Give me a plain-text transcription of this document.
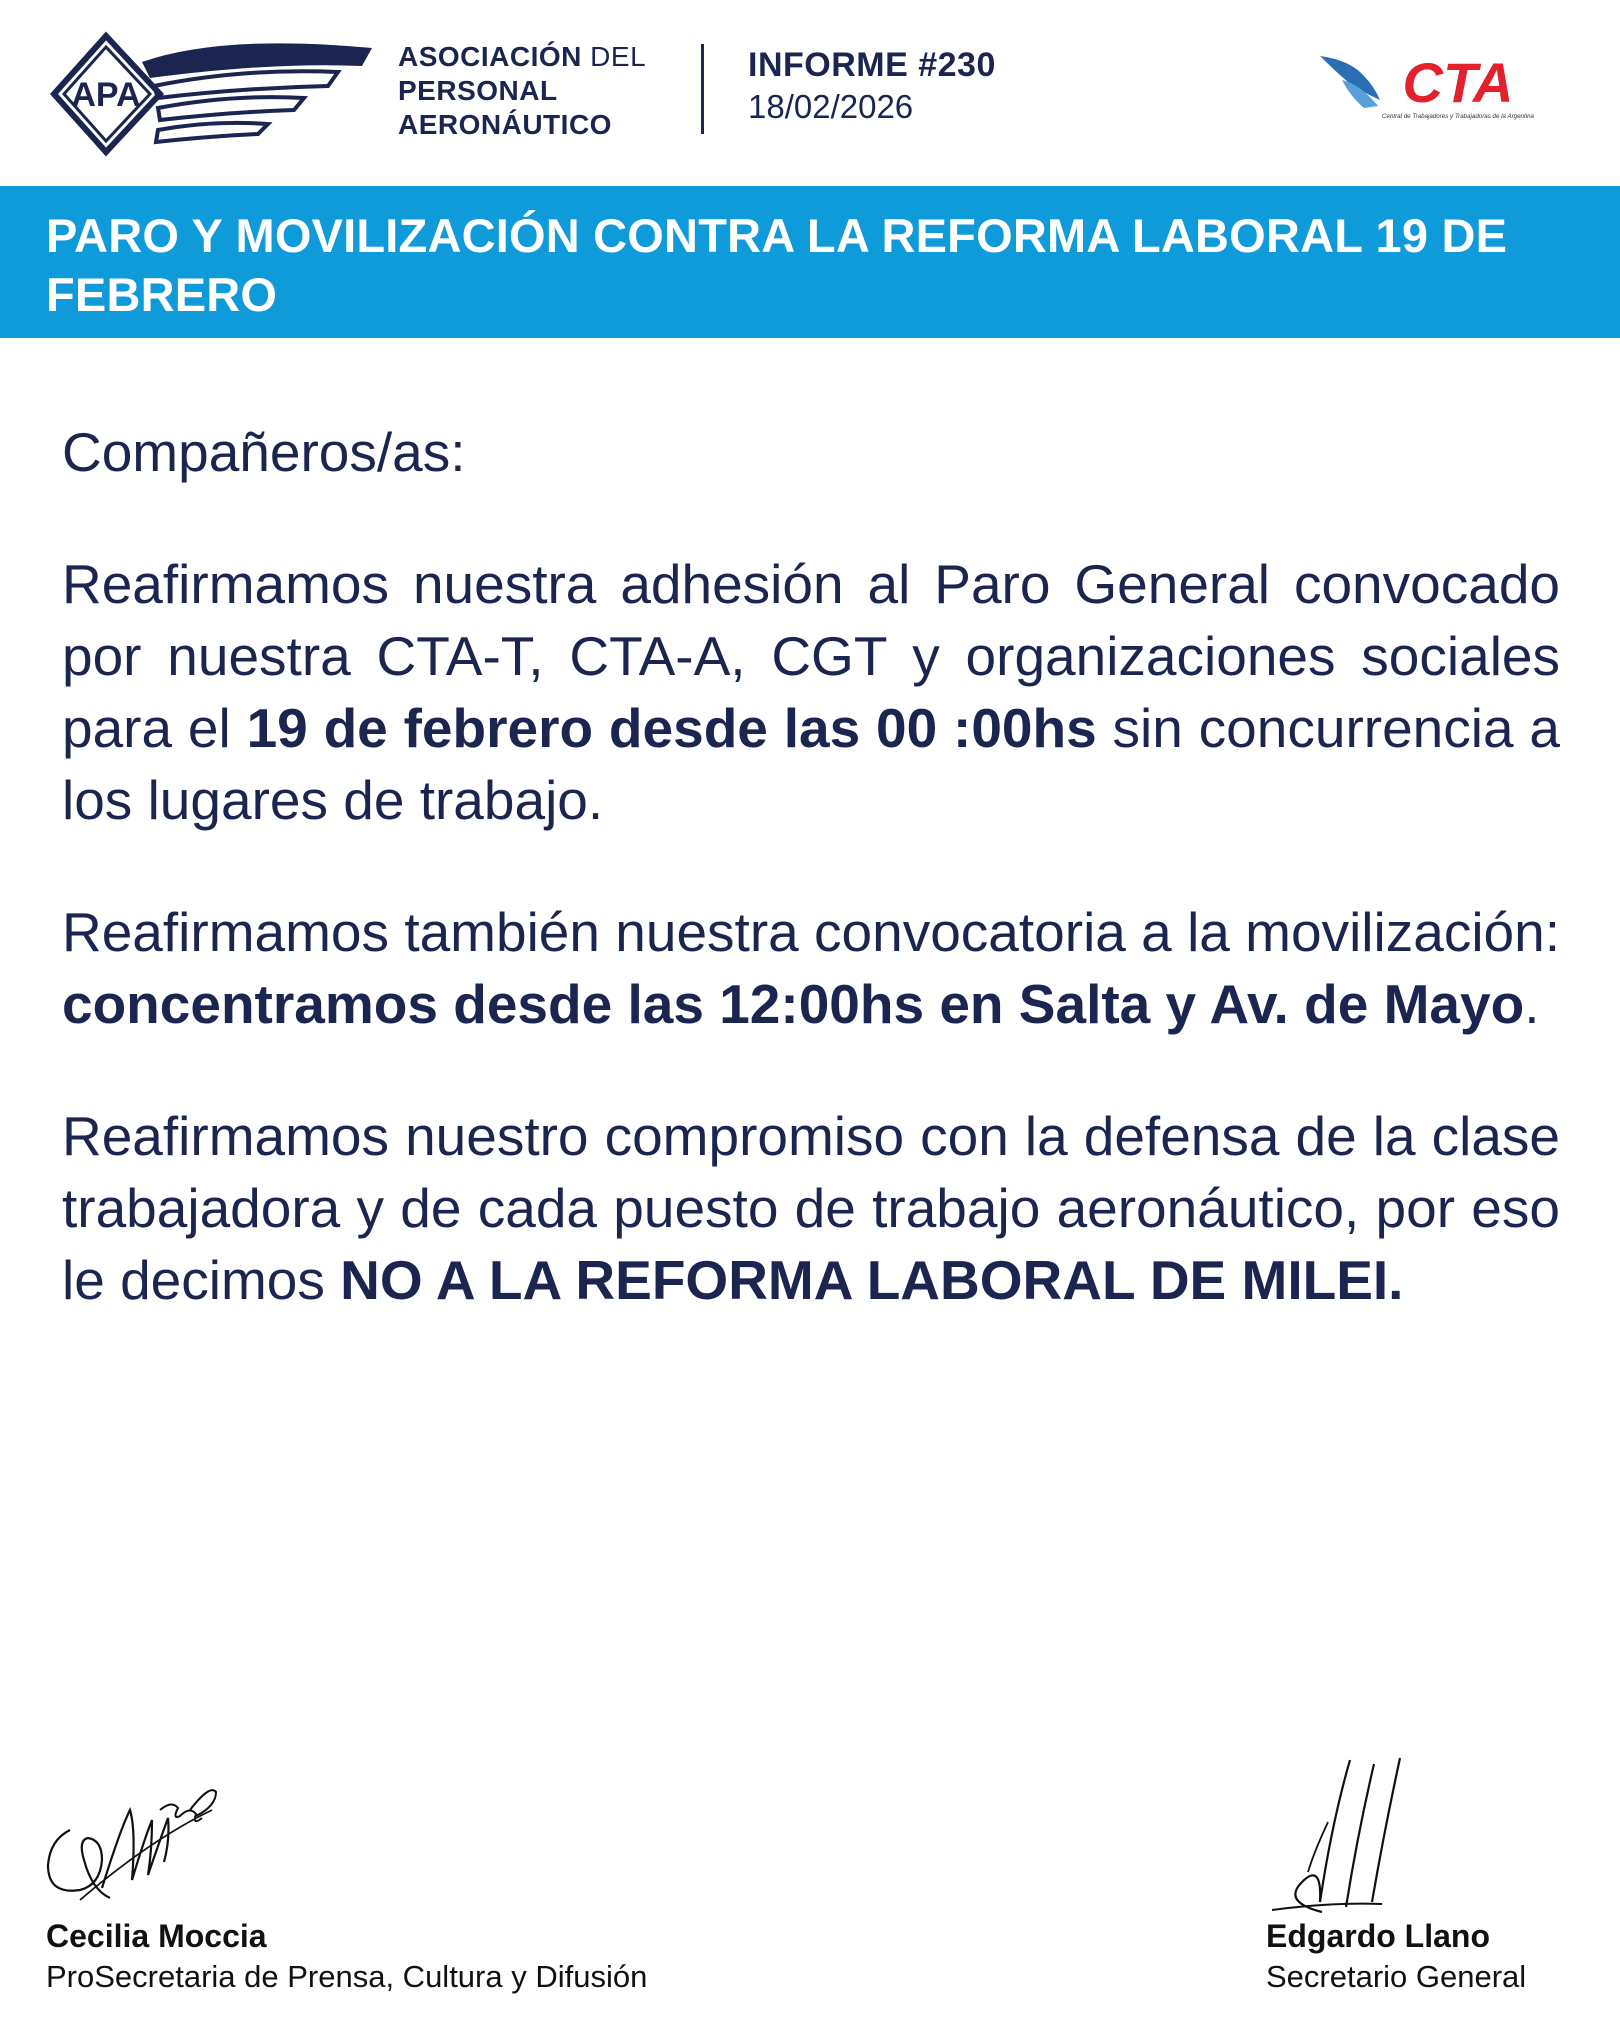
APA
ASOCIACIÓN DEL
PERSONAL
AERONÁUTICO
INFORME #230
18/02/2026	CTA
Central de Trabajadores y Trabajadoras de la Argentina
PARO Y MOVILIZACIÓN CONTRA LA REFORMA LABORAL 19 DE FEBRERO

Compañeros/as:

Reafirmamos nuestra adhesión al Paro General convocado por nuestra CTA-T, CTA-A, CGT y organizaciones sociales para el 19 de febrero desde las 00 :00hs sin concurrencia a los lugares de trabajo.

Reafirmamos también nuestra convocatoria a la movilización: concentramos desde las 12:00hs en Salta y Av. de Mayo.

Reafirmamos nuestro compromiso con la defensa de la clase trabajadora y de cada puesto de trabajo aeronáutico, por eso le decimos NO A LA REFORMA LABORAL DE MILEI.

Cecilia Moccia
ProSecretaria de Prensa, Cultura y Difusión
Edgardo Llano
Secretario General
